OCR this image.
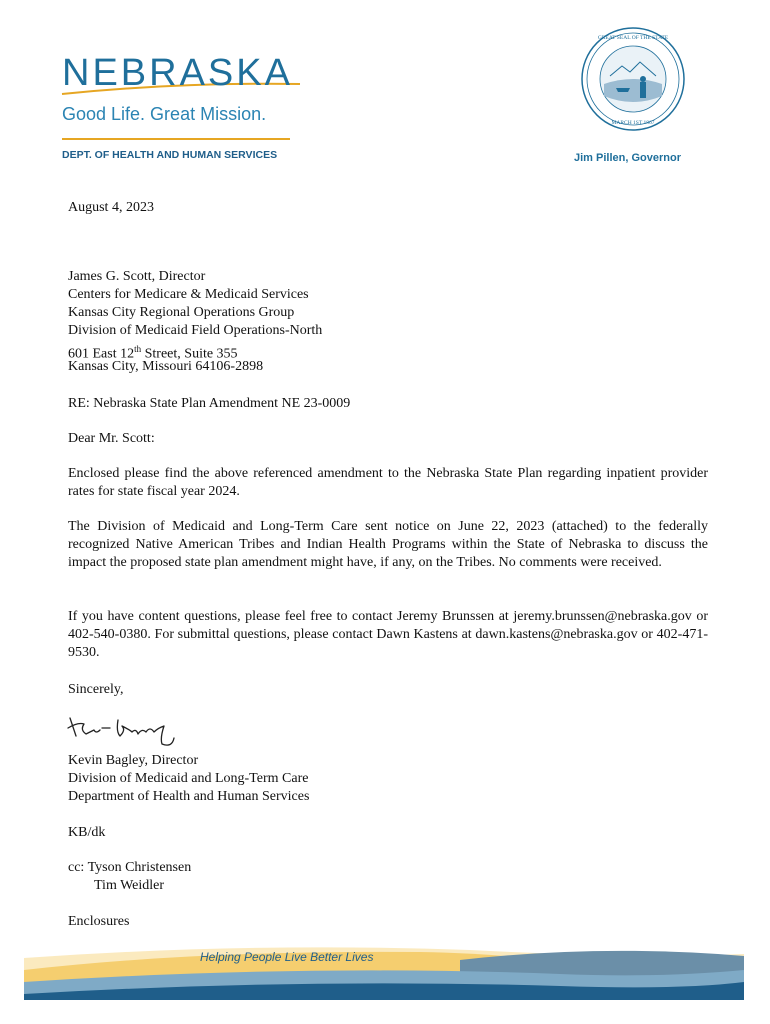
NEBRASKA
Good Life. Great Mission.
DEPT. OF HEALTH AND HUMAN SERVICES
GREAT SEAL OF THE STATE
MARCH 1ST 1867
Jim Pillen, Governor
August 4, 2023
James G. Scott, Director
Centers for Medicare & Medicaid Services
Kansas City Regional Operations Group
Division of Medicaid Field Operations-North
601 East 12th Street, Suite 355
Kansas City, Missouri 64106-2898
RE: Nebraska State Plan Amendment NE 23-0009
Dear Mr. Scott:
Enclosed please find the above referenced amendment to the Nebraska State Plan regarding inpatient provider rates for state fiscal year 2024.
The Division of Medicaid and Long-Term Care sent notice on June 22, 2023 (attached) to the federally recognized Native American Tribes and Indian Health Programs within the State of Nebraska to discuss the impact the proposed state plan amendment might have, if any, on the Tribes. No comments were received.
If you have content questions, please feel free to contact Jeremy Brunssen at jeremy.brunssen@nebraska.gov or 402-540-0380. For submittal questions, please contact Dawn Kastens at dawn.kastens@nebraska.gov or 402-471-9530.
Sincerely,
Kevin Bagley, Director
Division of Medicaid and Long-Term Care
Department of Health and Human Services
KB/dk
cc: Tyson Christensen
Tim Weidler
Enclosures
Helping People Live Better Lives
